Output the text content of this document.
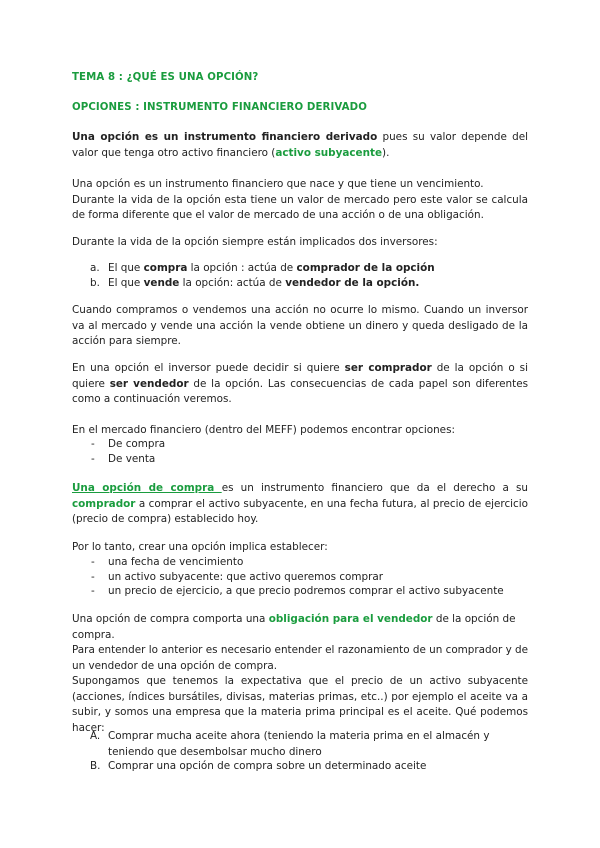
TEMA 8 : ¿QUÉ ES UNA OPCIÓN?
OPCIONES : INSTRUMENTO FINANCIERO DERIVADO

Una opción es un instrumento financiero derivado pues su valor depende del valor que tenga otro activo financiero (activo subyacente).

Una opción es un instrumento financiero que nace y que tiene un vencimiento.
Durante la vida de la opción esta tiene un valor de mercado pero este valor se calcula de forma diferente que el valor de mercado de una acción o de una obligación.

Durante la vida de la opción siempre están implicados dos inversores:

a. El que compra la opción : actúa de comprador de la opción

b. El que vende la opción: actúa de vendedor de la opción.

Cuando compramos o vendemos una acción no ocurre lo mismo. Cuando un inversor va al mercado y vende una acción la vende obtiene un dinero y queda desligado de la acción para siempre.

En una opción el inversor puede decidir si quiere ser comprador de la opción o si quiere ser vendedor de la opción. Las consecuencias de cada papel son diferentes como a continuación veremos.

En el mercado financiero (dentro del MEFF) podemos encontrar opciones:

- De compra
- De venta

Una opción de compra es un instrumento financiero que da el derecho a su comprador a comprar el activo subyacente, en una fecha futura, al precio de ejercicio (precio de compra) establecido hoy.

Por lo tanto, crear una opción implica establecer:

- una fecha de vencimiento
- un activo subyacente: que activo queremos comprar
- un precio de ejercicio, a que precio podremos comprar el activo subyacente

Una opción de compra comporta una obligación para el vendedor de la opción de compra.

Para entender lo anterior es necesario entender el razonamiento de un comprador y de un vendedor de una opción de compra.
Supongamos que tenemos la expectativa que el precio de un activo subyacente (acciones, índices bursátiles, divisas, materias primas, etc..) por ejemplo el aceite va a subir, y somos una empresa que la materia prima principal es el aceite. Qué podemos hacer:
A. Comprar mucha aceite ahora (teniendo la materia prima en el almacén y teniendo que desembolsar mucho dinero

B. Comprar una opción de compra sobre un determinado aceite
